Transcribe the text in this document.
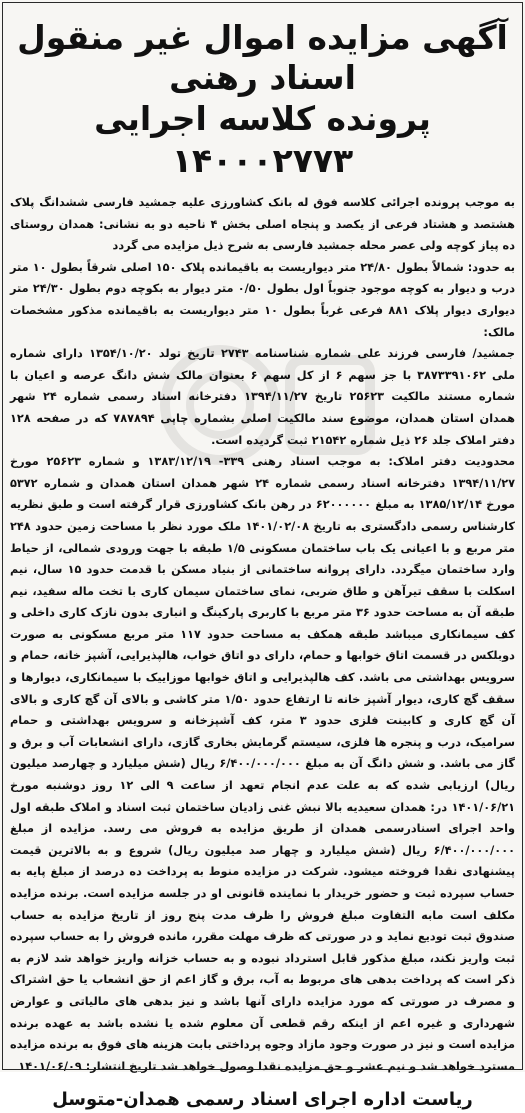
آگهی مزایده اموال غیر منقول اسناد رهنی
پرونده کلاسه اجرایی ۱۴۰۰۰۲۷۷۳

به موجب پرونده اجرائی کلاسه فوق له بانک کشاورزی علیه جمشید فارسی ششدانگ پلاک هشتصد و هشتاد فرعی از یکصد و پنجاه اصلی بخش ۴ ناحیه دو به نشانی: همدان روستای ده پیاز کوچه ولی عصر محله جمشید فارسی به شرح ذیل مزایده می گردد

به حدود: شمالاً بطول ۲۴/۸۰ متر دیواریست به باقیمانده پلاک ۱۵۰ اصلی شرقاً بطول ۱۰ متر درب و دیوار به کوچه موجود جنوباً اول بطول ۰/۵۰ متر دیوار به بکوچه دوم بطول ۲۴/۳۰ متر دیواری دیوار پلاک ۸۸۱ فرعی غرباً بطول ۱۰ متر دیواریست به باقیمانده مذکور مشخصات مالک:

جمشید/ فارسی فرزند علی شماره شناسنامه ۲۷۴۳ تاریخ تولد ۱۳۵۴/۱۰/۲۰ دارای شماره ملی ۳۸۷۳۳۹۱۰۶۲ با جز سهم ۶ از کل سهم ۶ بعنوان مالک شش دانگ عرصه و اعیان با شماره مستند مالکیت ۲۵۶۲۳ تاریخ ۱۳۹۴/۱۱/۲۷ دفترخانه اسناد رسمی شماره ۲۴ شهر همدان استان همدان، موضوع سند مالکیت اصلی بشماره چاپی ۷۸۷۸۹۴ که در صفحه ۱۲۸ دفتر املاک جلد ۲۶ ذیل شماره ۲۱۵۴۲ ثبت گردیده است.

محدودیت دفتر املاک: به موجب اسناد رهنی ۳۳۹- ۱۳۸۳/۱۲/۱۹ و شماره ۲۵۶۲۳ مورخ ۱۳۹۴/۱۱/۲۷ دفترخانه اسناد رسمی شماره ۲۴ شهر همدان استان همدان و شماره ۵۳۷۲ مورخ ۱۳۸۵/۱۲/۱۴ به مبلغ ۶۲۰۰۰۰۰۰ در رهن بانک کشاورزی قرار گرفته است و طبق نظریه کارشناس رسمی دادگستری به تاریخ ۱۴۰۱/۰۲/۰۸ ملک مورد نظر با مساحت زمین حدود ۲۴۸ متر مربع و با اعیانی یک باب ساختمان مسکونی ۱/۵ طبقه با جهت ورودی شمالی، از حیاط وارد ساختمان میگردد. دارای پروانه ساختمانی از بنیاد مسکن با قدمت حدود ۱۵ سال، نیم اسکلت با سقف تیرآهن و طاق ضربی، نمای ساختمان سیمان کاری با تخت ماله سفید، نیم طبقه آن به مساحت حدود ۳۶ متر مربع با کاربری پارکینگ و انباری بدون نازک کاری داخلی و کف سیمانکاری میباشد طبقه همکف به مساحت حدود ۱۱۷ متر مربع مسکونی به صورت دوبلکس در قسمت اتاق خوابها و حمام، دارای دو اتاق خواب، هالپذیرایی، آشپز خانه، حمام و سرویس بهداشتی می باشد. کف هالپذیرایی و اتاق خوابها موزاییک با سیمانکاری، دیوارها و سقف گچ کاری، دیوار آشپز خانه تا ارتفاع حدود ۱/۵۰ متر کاشی و بالای آن گچ کاری و بالای آن گچ کاری و کابینت فلزی حدود ۳ متر، کف آشپزخانه و سرویس بهداشتی و حمام سرامیک، درب و پنجره ها فلزی، سیستم گرمایش بخاری گازی، دارای انشعابات آب و برق و گاز می باشد. و شش دانگ آن به مبلغ ۶/۴۰۰/۰۰۰/۰۰۰ ریال (شش میلیارد و چهارصد میلیون ریال) ارزیابی شده که به علت عدم انجام تعهد از ساعت ۹ الی ۱۲ روز دوشنبه مورخ ۱۴۰۱/۰۶/۲۱ در: همدان سعیدیه بالا نبش غنی زادیان ساختمان ثبت اسناد و املاک طبقه اول واحد اجرای اسنادرسمی همدان از طریق مزایده به فروش می رسد. مزایده از مبلغ ۶/۴۰۰/۰۰۰/۰۰۰ ریال (شش میلیارد و چهار صد میلیون ریال) شروع و به بالاترین قیمت پیشنهادی نقدا فروخته میشود. شرکت در مزایده منوط به پرداخت ده درصد از مبلغ پایه به حساب سپرده ثبت و حضور خریدار با نماینده قانونی او در جلسه مزایده است. برنده مزایده مکلف است مابه التفاوت مبلغ فروش را ظرف مدت پنج روز از تاریخ مزایده به حساب صندوق ثبت تودیع نماید و در صورتی که ظرف مهلت مقرر، مانده فروش را به حساب سپرده ثبت واریز نکند، مبلغ مذکور قابل استرداد نبوده و به حساب خزانه واریز خواهد شد لازم به ذکر است که پرداخت بدهی های مربوط به آب، برق و گاز اعم از حق انشعاب یا حق اشتراک و مصرف در صورتی که مورد مزایده دارای آنها باشد و نیز بدهی های مالیاتی و عوارض شهرداری و غیره اعم از اینکه رقم قطعی آن معلوم شده یا نشده باشد به عهده برنده مزایده است و نیز در صورت وجود مازاد وجوه پرداختی بابت هزینه های فوق به برنده مزایده مسترد خواهد شد و نیم عشر و حق مزایده نقدا وصول خواهد شد تاریخ انتشار: ۱۴۰۱/۰۶/۰۹

ریاست اداره اجرای اسناد رسمی همدان-متوسل
